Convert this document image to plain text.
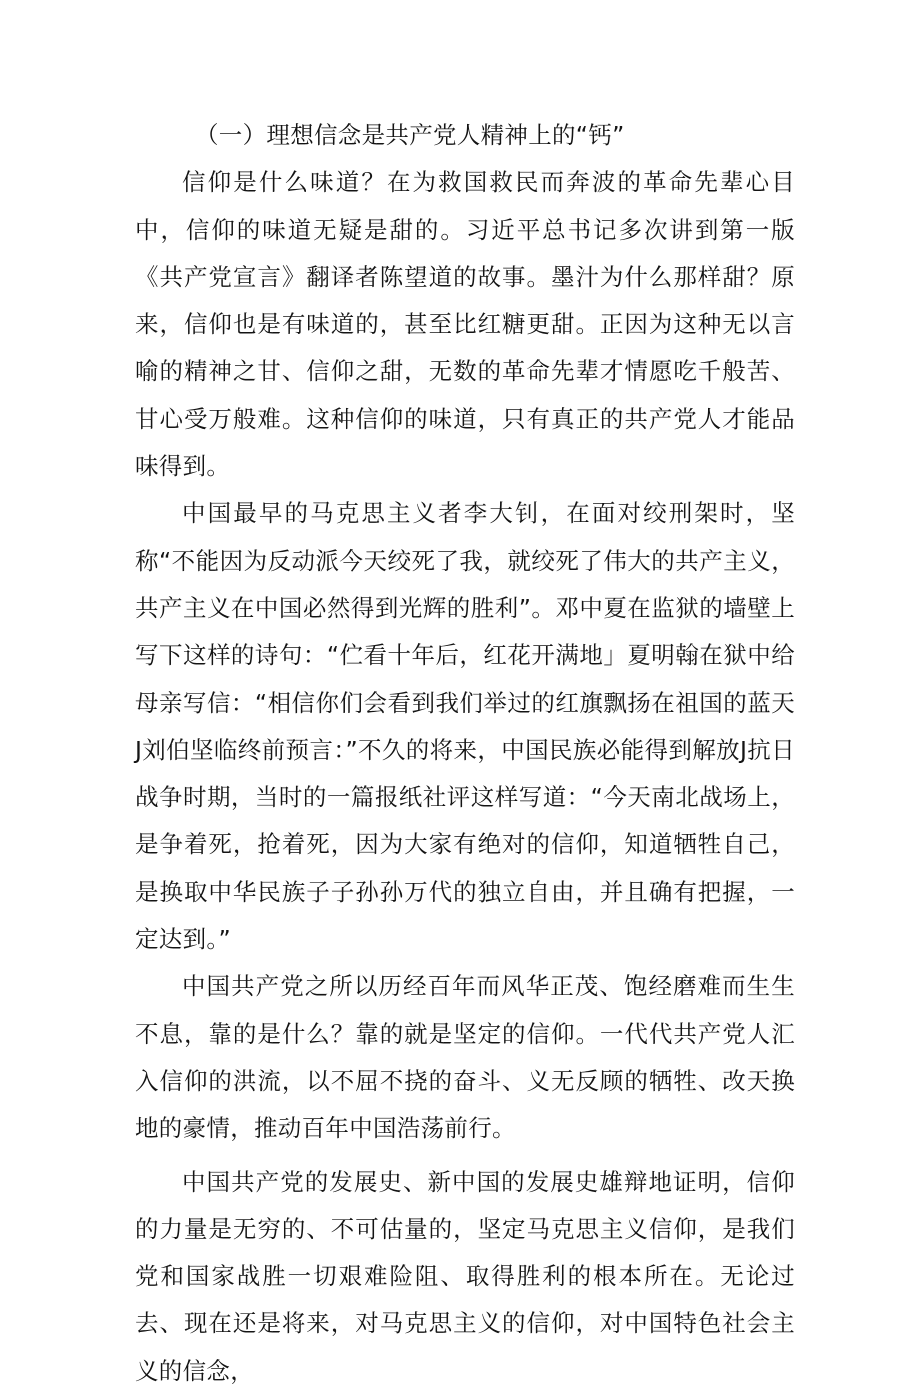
（一）理想信念是共产党人精神上的“钙”

信仰是什么味道？在为救国救民而奔波的革命先辈心目中，信仰的味道无疑是甜的。习近平总书记多次讲到第一版《共产党宣言》翻译者陈望道的故事。墨汁为什么那样甜？原来，信仰也是有味道的，甚至比红糖更甜。正因为这种无以言喻的精神之甘、信仰之甜，无数的革命先辈才情愿吃千般苦、甘心受万般难。这种信仰的味道，只有真正的共产党人才能品味得到。

中国最早的马克思主义者李大钊，在面对绞刑架时，坚称“不能因为反动派今天绞死了我，就绞死了伟大的共产主义，共产主义在中国必然得到光辉的胜利”。邓中夏在监狱的墙壁上写下这样的诗句：“伫看十年后，红花开满地」夏明翰在狱中给母亲写信：“相信你们会看到我们举过的红旗飘扬在祖国的蓝天J刘伯坚临终前预言：”不久的将来，中国民族必能得到解放J抗日战争时期，当时的一篇报纸社评这样写道：“今天南北战场上，是争着死，抢着死，因为大家有绝对的信仰，知道牺牲自己，是换取中华民族子子孙孙万代的独立自由，并且确有把握，一定达到。”

中国共产党之所以历经百年而风华正茂、饱经磨难而生生不息，靠的是什么？靠的就是坚定的信仰。一代代共产党人汇入信仰的洪流，以不屈不挠的奋斗、义无反顾的牺牲、改天换地的豪情，推动百年中国浩荡前行。

中国共产党的发展史、新中国的发展史雄辩地证明，信仰的力量是无穷的、不可估量的，坚定马克思主义信仰，是我们党和国家战胜一切艰难险阻、取得胜利的根本所在。无论过去、现在还是将来，对马克思主义的信仰，对中国特色社会主义的信念，
